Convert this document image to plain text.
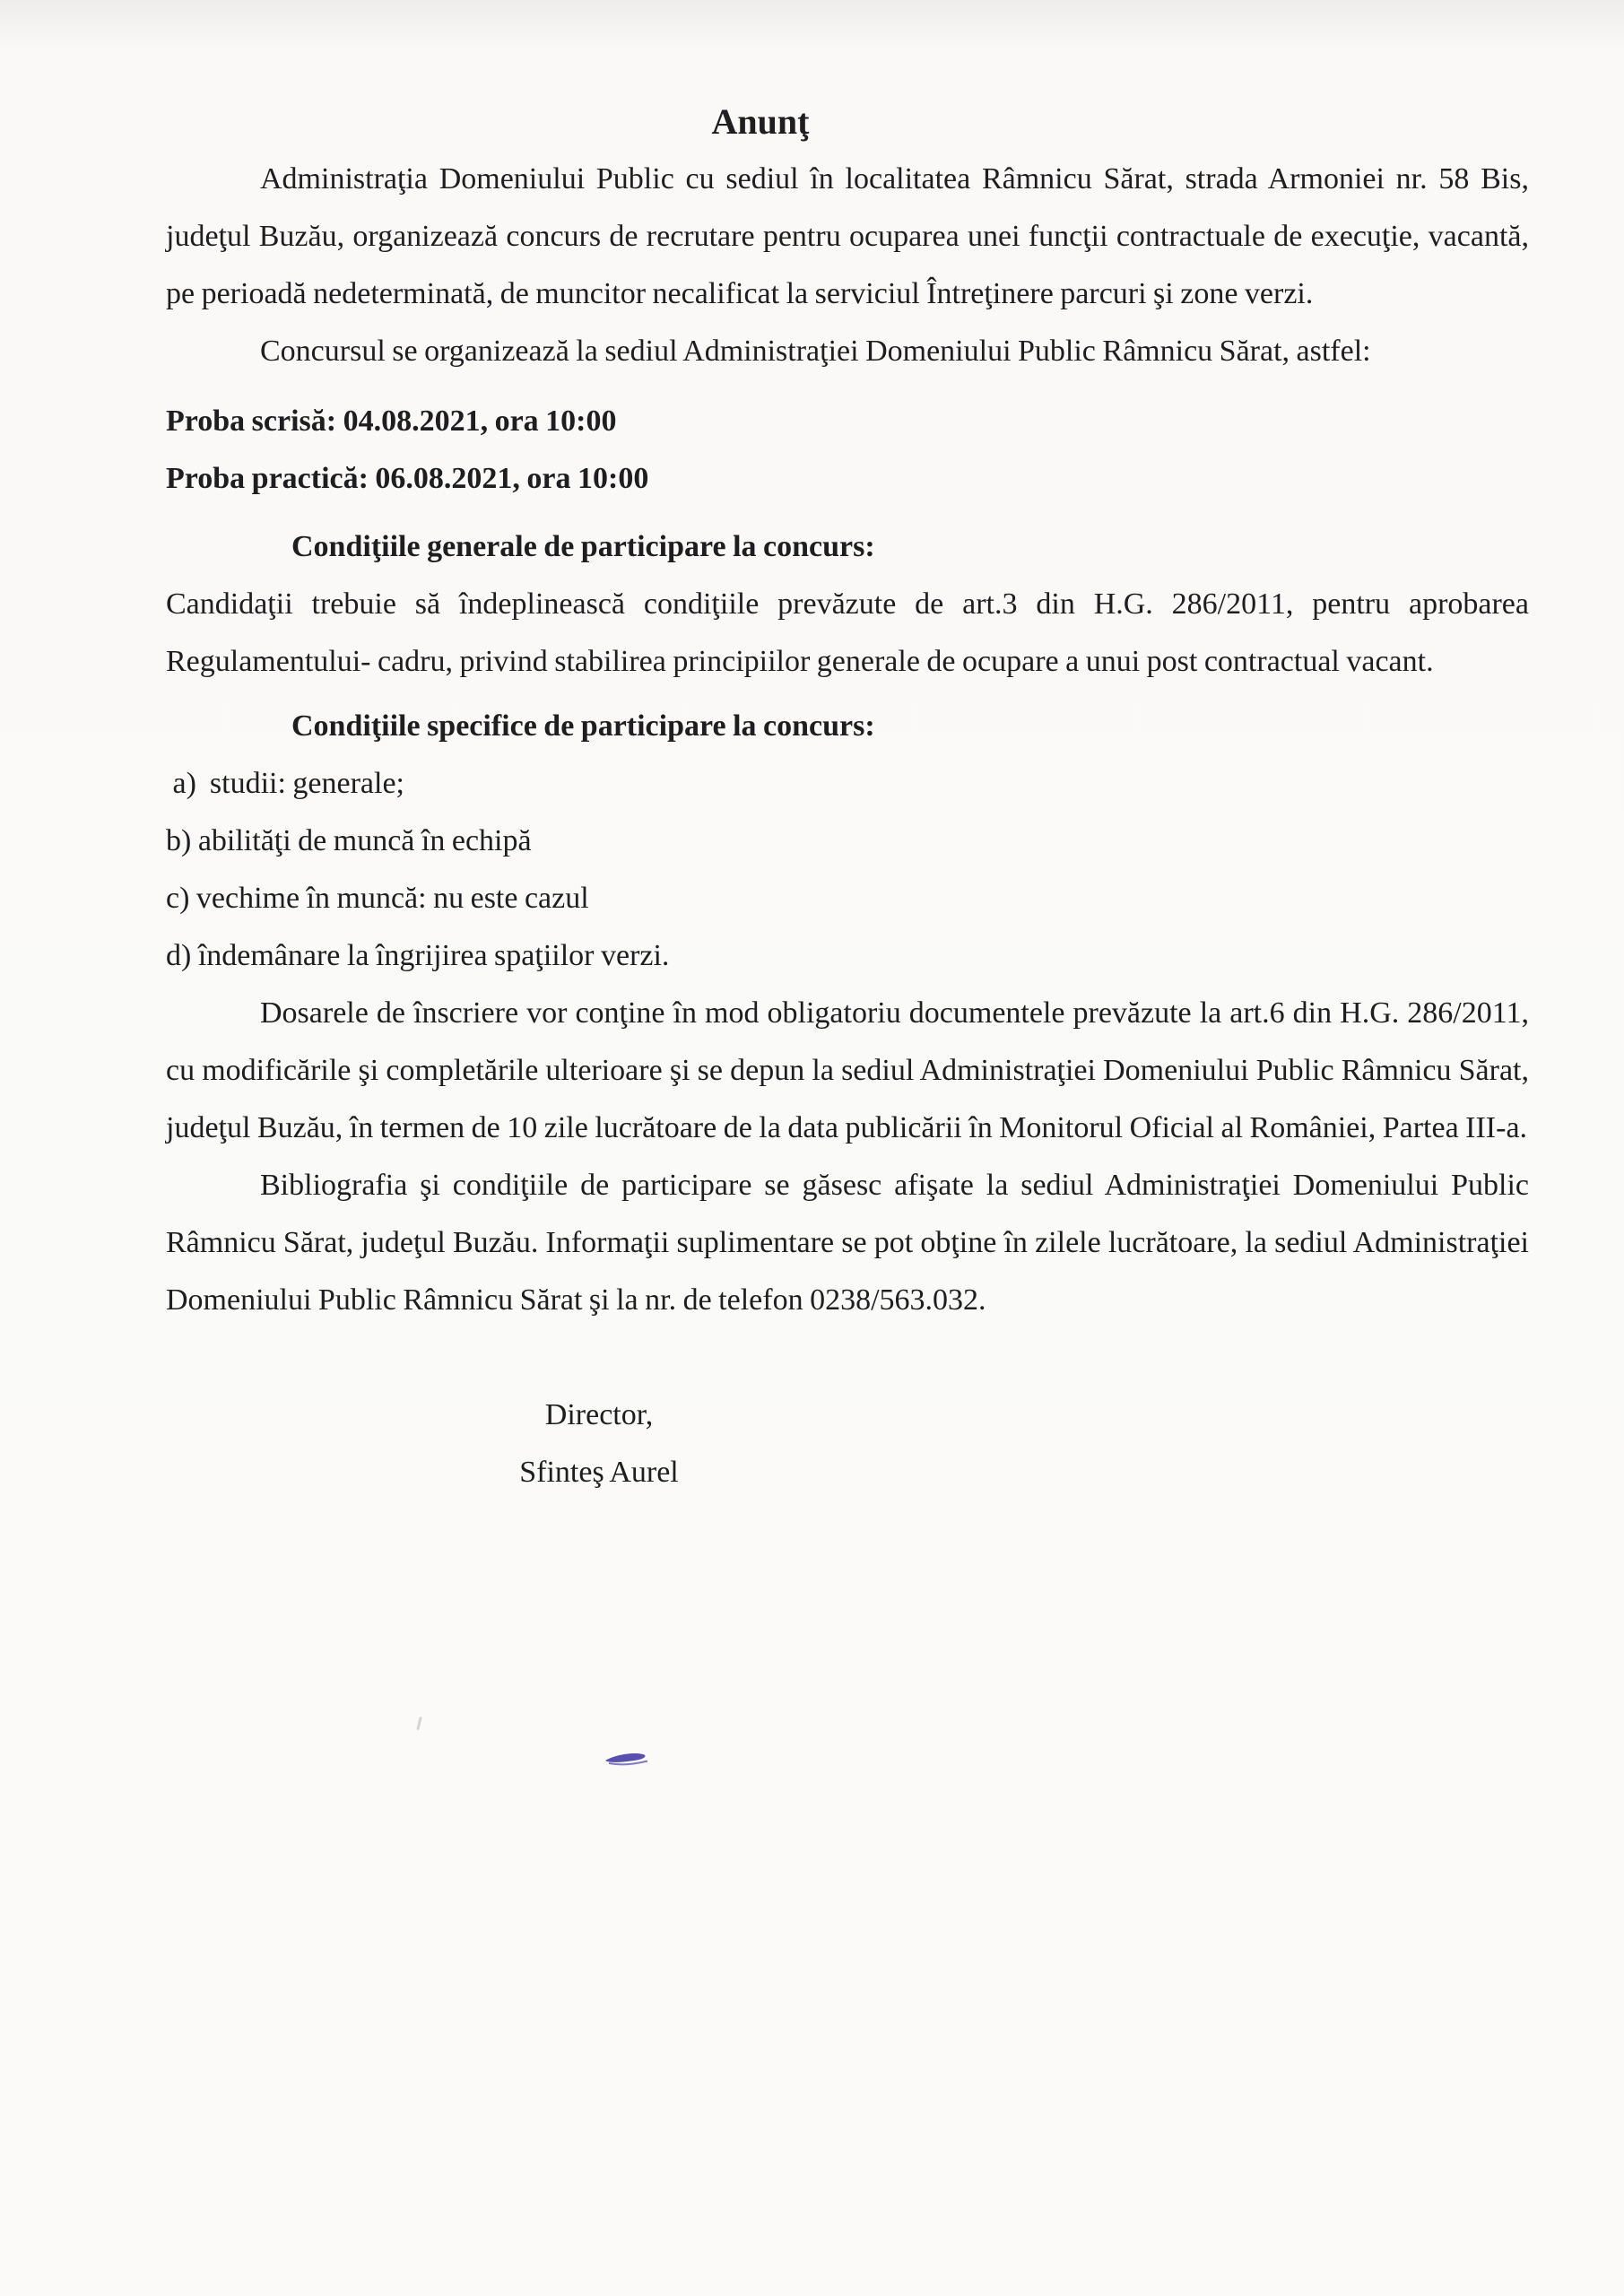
Anunţ

Administraţia Domeniului Public cu sediul în localitatea Râmnicu Sărat, strada Armoniei nr. 58 Bis, judeţul Buzău, organizează concurs de recrutare pentru ocuparea unei funcţii contractuale de execuţie, vacantă, pe perioadă nedeterminată, de muncitor necalificat la serviciul Întreţinere parcuri şi zone verzi.

Concursul se organizează la sediul Administraţiei Domeniului Public Râmnicu Sărat, astfel:

Proba scrisă: 04.08.2021, ora 10:00

Proba practică: 06.08.2021, ora 10:00

Condiţiile generale de participare la concurs:

Candidaţii trebuie să îndeplinească condiţiile prevăzute de art.3 din H.G. 286/2011, pentru aprobarea Regulamentului- cadru, privind stabilirea principiilor generale de ocupare a unui post contractual vacant.

Condiţiile specifice de participare la concurs:

a)  studii: generale;

b) abilităţi de muncă în echipă

c) vechime în muncă: nu este cazul

d) îndemânare la îngrijirea spaţiilor verzi.

Dosarele de înscriere vor conţine în mod obligatoriu documentele prevăzute la art.6 din H.G. 286/2011, cu modificările şi completările ulterioare şi se depun la sediul Administraţiei Domeniului Public Râmnicu Sărat, judeţul Buzău, în termen de 10 zile lucrătoare de la data publicării în Monitorul Oficial al României, Partea III-a.

Bibliografia şi condiţiile de participare se găsesc afişate la sediul Administraţiei Domeniului Public Râmnicu Sărat, judeţul Buzău. Informaţii suplimentare se pot obţine în zilele lucrătoare, la sediul Administraţiei Domeniului Public Râmnicu Sărat şi la nr. de telefon 0238/563.032.

Director,

Sfinteş Aurel
